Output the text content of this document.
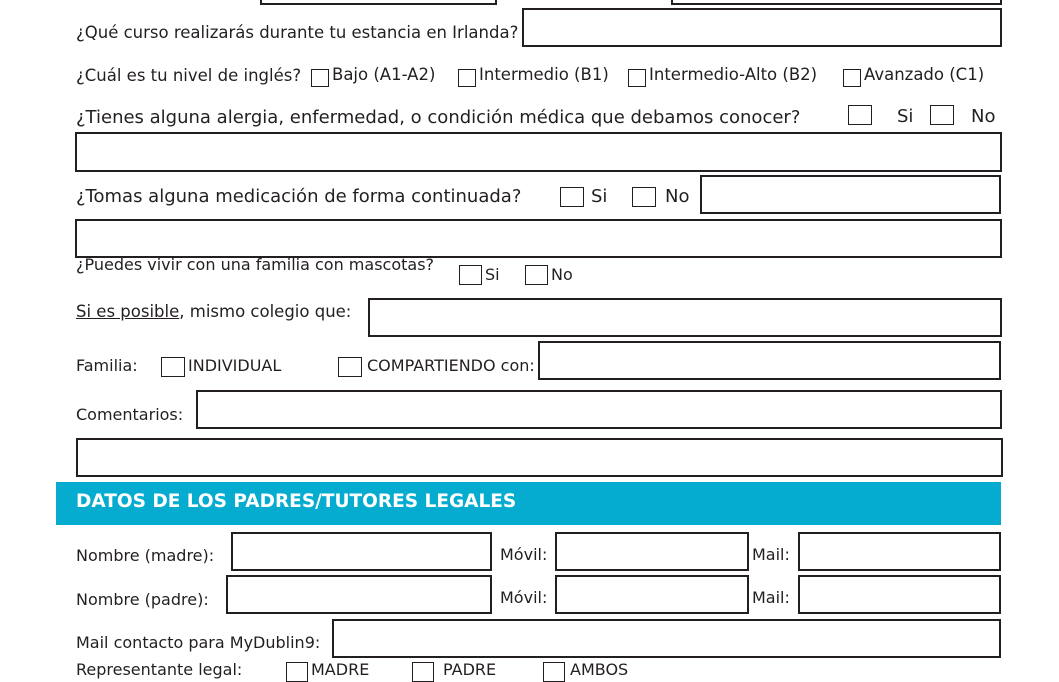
¿Qué curso realizarás durante tu estancia en Irlanda?
¿Cuál es tu nivel de inglés? Bajo (A1-A2)	Intermedio (B1) Intermedio-Alto (B2)	Avanzado (C1)
¿Tienes alguna alergia, enfermedad, o condición médica que debamos conocer?	Si	No
¿Tomas alguna medicación de forma continuada?	Si	No
¿Puedes vivir con una familia con mascotas?
Si	No
Si es posible, mismo colegio que:
Familia:	INDIVIDUAL	COMPARTIENDO con:
Comentarios:
DATOS DE LOS PADRES/TUTORES LEGALES
Nombre (madre):	Móvil:	Mail:
Nombre (padre):	Móvil:	Mail:
Mail contacto para MyDublin9:
Representante legal:	MADRE	PADRE	AMBOS
